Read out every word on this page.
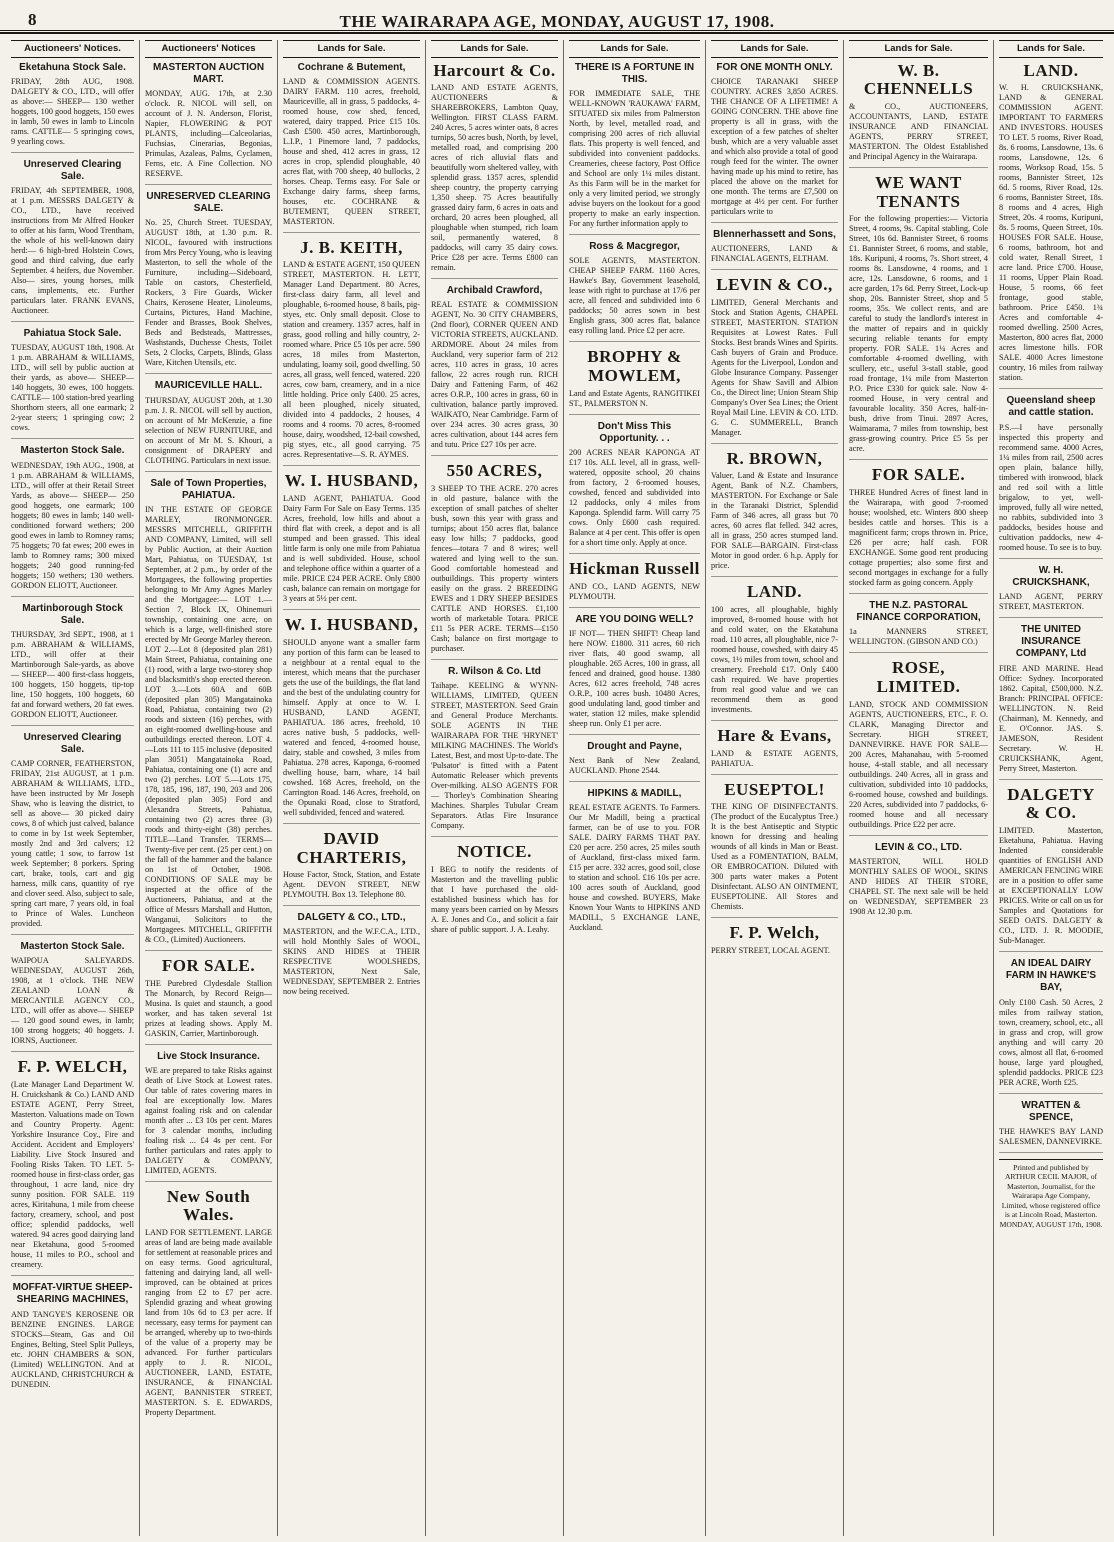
8	THE WAIRARAPA AGE, MONDAY, AUGUST 17, 1908.
Auctioneers' Notices.
Eketahuna Stock Sale.
FRIDAY, 28th AUG, 1908. DALGETY & CO., LTD., will offer as above:— SHEEP— 130 wether hoggets, 100 good hoggets, 150 ewes in lamb, 50 ewes in lamb to Lincoln rams. CATTLE— 5 springing cows, 9 yearling cows.
Unreserved Clearing Sale.
FRIDAY, 4th SEPTEMBER, 1908, at 1 p.m. MESSRS DALGETY & CO., LTD., have received instructions from Mr Alfred Hooker to offer at his farm, Wood Trentham, the whole of his well-known dairy herd:— 6 high-bred Holstein Cows, good and third calving, due early September. 4 heifers, due November. Also— sires, young horses, milk cans, implements, etc. Further particulars later. FRANK EVANS, Auctioneer.
Pahiatua Stock Sale.
TUESDAY, AUGUST 18th, 1908. At 1 p.m. ABRAHAM & WILLIAMS, LTD., will sell by public auction at their yards, as above— SHEEP— 140 hoggets, 30 ewes, 100 hoggets. CATTLE— 100 station-bred yearling Shorthorn steers, all one earmark; 2 2-year steers; 1 springing cow; 2 cows.
Masterton Stock Sale.
WEDNESDAY, 19th AUG., 1908, at 1 p.m. ABRAHAM & WILLIAMS, LTD., will offer at their Retail Street Yards, as above— SHEEP— 250 good hoggets, one earmark; 100 hoggets; 80 ewes in lamb; 140 well-conditioned forward wethers; 200 good ewes in lamb to Romney rams; 75 hoggets; 70 fat ewes; 200 ewes in lamb to Romney rams; 300 mixed hoggets; 240 good running-fed hoggets; 150 wethers; 130 wethers. GORDON ELIOTT, Auctioneer.
Martinborough Stock Sale.
THURSDAY, 3rd SEPT., 1908, at 1 p.m. ABRAHAM & WILLIAMS, LTD., will offer at their Martinborough Sale-yards, as above— SHEEP— 400 first-class hoggets, 100 hoggets, 150 hoggets, tip-top line, 150 hoggets, 100 hoggets, 60 fat and forward wethers, 20 fat ewes. GORDON ELIOTT, Auctioneer.
Unreserved Clearing Sale.
CAMP CORNER, FEATHERSTON, FRIDAY, 21st AUGUST, at 1 p.m. ABRAHAM & WILLIAMS, LTD., have been instructed by Mr Joseph Shaw, who is leaving the district, to sell as above— 30 picked dairy cows, 8 of which just calved, balance to come in by 1st week September, mostly 2nd and 3rd calvers; 12 young cattle; 1 sow, to farrow 1st week September; 8 porkers. Spring cart, brake, tools, cart and gig harness, milk cans, quantity of rye and clover seed. Also, subject to sale, spring cart mare, 7 years old, in foal to Prince of Wales. Luncheon provided.
Masterton Stock Sale.
WAIPOUA SALEYARDS. WEDNESDAY, AUGUST 26th, 1908, at 1 o'clock. THE NEW ZEALAND LOAN & MERCANTILE AGENCY CO., LTD., will offer as above— SHEEP— 120 good sound ewes, in lamb; 100 strong hoggets; 40 hoggets. J. IORNS, Auctioneer.
F. P. WELCH,
(Late Manager Land Department W. H. Cruickshank & Co.) LAND AND ESTATE AGENT, Perry Street, Masterton. Valuations made on Town and Country Property. Agent: Yorkshire Insurance Coy., Fire and Accident. Accident and Employers' Liability. Live Stock Insured and Fooling Risks Taken. TO LET. 5-roomed house in first-class order, gas throughout, 1 acre land, nice dry sunny position. FOR SALE. 119 acres, Kiritahuna, 1 mile from cheese factory, creamery, school, and post office; splendid paddocks, well watered. 94 acres good dairying land near Eketahuna, good 5-roomed house, 11 miles to P.O., school and creamery.
MOFFAT-VIRTUE SHEEP-SHEARING MACHINES,
AND TANGYE'S KEROSENE OR BENZINE ENGINES. LARGE STOCKS—Steam, Gas and Oil Engines, Belting, Steel Split Pulleys, etc. JOHN CHAMBERS & SON, (Limited) WELLINGTON. And at AUCKLAND, CHRISTCHURCH & DUNEDIN.
Auctioneers' Notices
MASTERTON AUCTION MART.
MONDAY, AUG. 17th, at 2.30 o'clock. R. NICOL will sell, on account of J. N. Anderson, Florist, Napier, FLOWERING & POT PLANTS, including—Calceolarias, Fuchsias, Cinerarias, Begonias, Primulas, Azaleas, Palms, Cyclamen, Ferns, etc. A Fine Collection. NO RESERVE.
UNRESERVED CLEARING SALE.
No. 25, Church Street. TUESDAY, AUGUST 18th, at 1.30 p.m. R. NICOL, favoured with instructions from Mrs Percy Young, who is leaving Masterton, to sell the whole of the Furniture, including—Sideboard, Table on castors, Chesterfield, Rockers, 3 Fire Guards, Wicker Chairs, Kerosene Heater, Linoleums, Curtains, Pictures, Hand Machine, Fender and Brasses, Book Shelves, Beds and Bedsteads, Mattresses, Washstands, Duchesse Chests, Toilet Sets, 2 Clocks, Carpets, Blinds, Glass Ware, Kitchen Utensils, etc.
MAURICEVILLE HALL.
THURSDAY, AUGUST 20th, at 1.30 p.m. J. R. NICOL will sell by auction, on account of Mr McKenzie, a fine selection of NEW FURNITURE, and on account of Mr M. S. Khouri, a consignment of DRAPERY and CLOTHING. Particulars in next issue.
Sale of Town Properties, PAHIATUA.
IN THE ESTATE OF GEORGE MARLEY, IRONMONGER. MESSRS MITCHELL, GRIFFITH AND COMPANY, Limited, will sell by Public Auction, at their Auction Mart, Pahiatua, on TUESDAY, 1st September, at 2 p.m., by order of the Mortgagees, the following properties belonging to Mr Amy Agnes Marley and the Mortgagee:— LOT 1.—Section 7, Block IX, Ohinemuri township, containing one acre, on which is a large, well-finished store erected by Mr George Marley thereon. LOT 2.—Lot 8 (deposited plan 281) Main Street, Pahiatua, containing one (1) rood, with a large two-storey shop and blacksmith's shop erected thereon. LOT 3.—Lots 60A and 60B (deposited plan 305) Mangatainoka Road, Pahiatua, containing two (2) roods and sixteen (16) perches, with an eight-roomed dwelling-house and outbuildings erected thereon. LOT 4.—Lots 111 to 115 inclusive (deposited plan 3051) Mangatainoka Road, Pahiatua, containing one (1) acre and two (2) perches. LOT 5.—Lots 175, 178, 185, 196, 187, 190, 203 and 206 (deposited plan 305) Ford and Alexandra Streets, Pahiatua, containing two (2) acres three (3) roods and thirty-eight (38) perches. TITLE—Land Transfer. TERMS— Twenty-five per cent. (25 per cent.) on the fall of the hammer and the balance on 1st of October, 1908. CONDITIONS OF SALE may be inspected at the office of the Auctioneers, Pahiatua, and at the office of Messrs Marshall and Hutton, Wanganui, Solicitors to the Mortgagees. MITCHELL, GRIFFITH & CO., (Limited) Auctioneers.
FOR SALE.
THE Purebred Clydesdale Stallion The Monarch, by Record Reign—Musina. Is quiet and staunch, a good worker, and has taken several 1st prizes at leading shows. Apply M. GASKIN, Carrier, Martinborough.
Live Stock Insurance.
WE are prepared to take Risks against death of Live Stock at Lowest rates. Our table of rates covering mares in foal are exceptionally low. Mares against foaling risk and on calendar month after ... £3 10s per cent. Mares for 3 calendar months, including foaling risk ... £4 4s per cent. For further particulars and rates apply to DALGETY & COMPANY, LIMITED, AGENTS.
New South Wales.
LAND FOR SETTLEMENT. LARGE areas of land are being made available for settlement at reasonable prices and on easy terms. Good agricultural, fattening and dairying land, all well-improved, can be obtained at prices ranging from £2 to £7 per acre. Splendid grazing and wheat growing land from 10s 6d to £3 per acre. If necessary, easy terms for payment can be arranged, whereby up to two-thirds of the value of a property may be advanced. For further particulars apply to J. R. NICOL, AUCTIONEER, LAND, ESTATE, INSURANCE, & FINANCIAL AGENT, BANNISTER STREET, MASTERTON. S. E. EDWARDS, Property Department.
Lands for Sale.
Cochrane & Butement,
LAND & COMMISSION AGENTS. DAIRY FARM. 110 acres, freehold, Mauriceville, all in grass, 5 paddocks, 4-roomed house, cow shed, fenced, watered, dairy trapped. Price £15 10s. Cash £500. 450 acres, Martinborough, L.I.P., 1 Pinemore land, 7 paddocks, house and shed, 412 acres in grass, 12 acres in crop, splendid ploughable, 40 acres flat, with 700 sheep, 40 bullocks, 2 horses. Cheap. Terms easy. For Sale or Exchange dairy farms, sheep farms, houses, etc. COCHRANE & BUTEMENT, QUEEN STREET, MASTERTON.
J. B. KEITH,
LAND & ESTATE AGENT, 150 QUEEN STREET, MASTERTON. H. LETT, Manager Land Department. 80 Acres, first-class dairy farm, all level and ploughable, 6-roomed house, 8 bails, pig-styes, etc. Only small deposit. Close to station and creamery. 1357 acres, half in grass, good rolling and hilly country, 2-roomed whare. Price £5 10s per acre. 590 acres, 18 miles from Masterton, undulating, loamy soil, good dwelling. 50 acres, all grass, well fenced, watered. 220 acres, cow barn, creamery, and in a nice little holding. Price only £400. 25 acres, all been ploughed, nicely situated, divided into 4 paddocks, 2 houses, 4 rooms and 4 rooms. 70 acres, 8-roomed house, dairy, woodshed, 12-bail cowshed, pig styes, etc., all good carrying. 75 acres. Representative—S. R. AYMES.
W. I. HUSBAND,
LAND AGENT, PAHIATUA. Good Dairy Farm For Sale on Easy Terms. 135 Acres, freehold, low hills and about a third flat with creek, a depot and is all stumped and been grassed. This ideal little farm is only one mile from Pahiatua and is well subdivided. House, school and telephone office within a quarter of a mile. PRICE £24 PER ACRE. Only £800 cash, balance can remain on mortgage for 3 years at 5½ per cent.
W. I. HUSBAND,
SHOULD anyone want a smaller farm any portion of this farm can be leased to a neighbour at a rental equal to the interest, which means that the purchaser gets the use of the buildings, the flat land and the best of the undulating country for himself. Apply at once to W. I. HUSBAND, LAND AGENT, PAHIATUA. 186 acres, freehold, 10 acres native bush, 5 paddocks, well-watered and fenced, 4-roomed house, dairy, stable and cowshed, 3 miles from Pahiatua. 278 acres, Kaponga, 6-roomed dwelling house, barn, whare, 14 bail cowshed. 168 Acres, freehold, on the Carrington Road. 146 Acres, freehold, on the Opunaki Road, close to Stratford, well subdivided, fenced and watered.
DAVID CHARTERIS,
House Factor, Stock, Station, and Estate Agent. DEVON STREET, NEW PLYMOUTH. Box 13. Telephone 80.
DALGETY & CO., LTD.,
MASTERTON, and the W.F.C.A., LTD., will hold Monthly Sales of WOOL, SKINS AND HIDES at THEIR RESPECTIVE WOOLSHEDS, MASTERTON, Next Sale, WEDNESDAY, SEPTEMBER 2. Entries now being received.
Lands for Sale.
Harcourt & Co.
LAND AND ESTATE AGENTS, AUCTIONEERS & SHAREBROKERS, Lambton Quay, Wellington. FIRST CLASS FARM. 240 Acres, 5 acres winter oats, 8 acres turnips, 50 acres bush, North, by level, metalled road, and comprising 200 acres of rich alluvial flats and beautifully worn sheltered valley, with splendid grass. 1357 acres, splendid sheep country, the property carrying 1,350 sheep. 75 Acres beautifully grassed dairy farm, 6 acres in oats and orchard, 20 acres been ploughed, all ploughable when stumped, rich loam soil, permanently watered, 8 paddocks, will carry 35 dairy cows. Price £28 per acre. Terms £800 can remain.
Archibald Crawford,
REAL ESTATE & COMMISSION AGENT, No. 30 CITY CHAMBERS, (2nd floor), CORNER QUEEN AND VICTORIA STREETS, AUCKLAND. ARDMORE. About 24 miles from Auckland, very superior farm of 212 acres, 110 acres in grass, 10 acres fallow, 22 acres rough run. RICH Dairy and Fattening Farm, of 462 acres O.R.P., 100 acres in grass, 60 in cultivation, balance partly improved. WAIKATO, Near Cambridge. Farm of over 234 acres. 30 acres grass, 30 acres cultivation, about 144 acres fern and tutu. Price £27 10s per acre.
550 ACRES,
3 SHEEP TO THE ACRE. 270 acres in old pasture, balance with the exception of small patches of shelter bush, sown this year with grass and turnips; about 150 acres flat, balance easy low hills; 7 paddocks, good fences—totara 7 and 8 wires; well watered and lying well to the sun. Good comfortable homestead and outbuildings. This property winters easily on the grass. 2 BREEDING EWES and 1 DRY SHEEP BESIDES CATTLE AND HORSES. £1,100 worth of marketable Totara. PRICE £11 5s PER ACRE. TERMS—£150 Cash; balance on first mortgage to purchaser.
R. Wilson & Co. Ltd
Taihape. KEELING & WYNN-WILLIAMS, LIMITED, QUEEN STREET, MASTERTON. Seed Grain and General Produce Merchants. SOLE AGENTS IN THE WAIRARAPA FOR THE 'HRYNET' MILKING MACHINES. The World's Latest, Best, and most Up-to-date. The 'Pulsator' is fitted with a Patent Automatic Releaser which prevents Over-milking. ALSO AGENTS FOR— Thorley's Combination Shearing Machines. Sharples Tubular Cream Separators. Atlas Fire Insurance Company.
NOTICE.
I BEG to notify the residents of Masterton and the travelling public that I have purchased the old-established business which has for many years been carried on by Messrs A. E. Jones and Co., and solicit a fair share of public support. J. A. Leahy.
Lands for Sale.
THERE IS A FORTUNE IN THIS.
FOR IMMEDIATE SALE, THE WELL-KNOWN 'RAUKAWA' FARM, SITUATED six miles from Palmerston North, by level, metalled road, and comprising 200 acres of rich alluvial flats. This property is well fenced, and subdivided into convenient paddocks. Creameries, cheese factory, Post Office and School are only 1¼ miles distant. As this Farm will be in the market for only a very limited period, we strongly advise buyers on the lookout for a good property to make an early inspection. For any further information apply to
Ross & Macgregor,
SOLE AGENTS, MASTERTON. CHEAP SHEEP FARM. 1160 Acres, Hawke's Bay, Government leasehold, lease with right to purchase at 17/6 per acre, all fenced and subdivided into 6 paddocks; 50 acres sown in best English grass, 300 acres flat, balance easy rolling land. Price £2 per acre.
BROPHY & MOWLEM,
Land and Estate Agents, RANGITIKEI ST., PALMERSTON N.
Don't Miss This Opportunity. . .
200 ACRES NEAR KAPONGA AT £17 10s. ALL level, all in grass, well-watered, opposite school, 20 chains from factory, 2 6-roomed houses, cowshed, fenced and subdivided into 12 paddocks, only 4 miles from Kaponga. Splendid farm. Will carry 75 cows. Only £600 cash required. Balance at 4 per cent. This offer is open for a short time only. Apply at once.
Hickman Russell
AND CO., LAND AGENTS, NEW PLYMOUTH.
ARE YOU DOING WELL?
IF NOT— THEN SHIFT! Cheap land here NOW. £1800. 311 acres, 60 rich river flats, 40 good swamp, all ploughable. 265 Acres, 100 in grass, all fenced and drained, good house. 1380 Acres, 612 acres freehold, 748 acres O.R.P., 100 acres bush. 10480 Acres, good undulating land, good timber and water, station 12 miles, make splendid sheep run. Only £1 per acre.
Drought and Payne,
Next Bank of New Zealand, AUCKLAND. Phone 2544.
HIPKINS & MADILL,
REAL ESTATE AGENTS. To Farmers. Our Mr Madill, being a practical farmer, can be of use to you. FOR SALE. DAIRY FARMS THAT PAY. £20 per acre. 250 acres, 25 miles south of Auckland, first-class mixed farm. £15 per acre. 332 acres, good soil, close to station and school. £16 10s per acre. 100 acres south of Auckland, good house and cowshed. BUYERS, Make Known Your Wants to HIPKINS AND MADILL, 5 EXCHANGE LANE, Auckland.
Lands for Sale.
FOR ONE MONTH ONLY.
CHOICE TARANAKI SHEEP COUNTRY. ACRES 3,850 ACRES. THE CHANCE OF A LIFETIME! A GOING CONCERN. THE above fine property is all in grass, with the exception of a few patches of shelter bush, which are a very valuable asset and which also provide a total of good rough feed for the winter. The owner having made up his mind to retire, has placed the above on the market for one month. The terms are £7,500 on mortgage at 4½ per cent. For further particulars write to
Blennerhassett and Sons,
AUCTIONEERS, LAND & FINANCIAL AGENTS, ELTHAM.
LEVIN & CO.,
LIMITED, General Merchants and Stock and Station Agents, CHAPEL STREET, MASTERTON. STATION Requisites at Lowest Rates. Full Stocks. Best brands Wines and Spirits. Cash buyers of Grain and Produce. Agents for the Liverpool, London and Globe Insurance Company. Passenger Agents for Shaw Savill and Albion Co., the Direct line; Union Steam Ship Company's Over Sea Lines; the Orient Royal Mail Line. LEVIN & CO. LTD. G. C. SUMMERELL, Branch Manager.
R. BROWN,
Valuer, Land & Estate and Insurance Agent, Bank of N.Z. Chambers, MASTERTON. For Exchange or Sale in the Taranaki District, Splendid Farm of 346 acres, all grass but 70 acres, 60 acres flat felled. 342 acres, all in grass, 250 acres stumped land. FOR SALE—BARGAIN. First-class Motor in good order. 6 h.p. Apply for price.
LAND.
100 acres, all ploughable, highly improved, 8-roomed house with hot and cold water, on the Ekatahuna road. 110 acres, all ploughable, nice 7-roomed house, cowshed, with dairy 45 cows, 1½ miles from town, school and creamery. Freehold £17. Only £400 cash required. We have properties from real good value and we can recommend them as good investments.
Hare & Evans,
LAND & ESTATE AGENTS, PAHIATUA.
EUSEPTOL!
THE KING OF DISINFECTANTS. (The product of the Eucalyptus Tree.) It is the best Antiseptic and Styptic known for dressing and healing wounds of all kinds in Man or Beast. Used as a FOMENTATION, BALM, OR EMBROCATION. Diluted with 300 parts water makes a Potent Disinfectant. ALSO AN OINTMENT, EUSEPTOLINE. All Stores and Chemists.
F. P. Welch,
PERRY STREET, LOCAL AGENT.
Lands for Sale.
W. B. CHENNELLS
& CO., AUCTIONEERS, ACCOUNTANTS, LAND, ESTATE INSURANCE AND FINANCIAL AGENTS, PERRY STREET, MASTERTON. The Oldest Established and Principal Agency in the Wairarapa.
WE WANT TENANTS
For the following properties:— Victoria Street, 4 rooms, 9s. Capital stabling, Cole Street, 10s 6d. Bannister Street, 6 rooms £1. Bannister Street, 6 rooms, and stable, 18s. Kuripuni, 4 rooms, 7s. Short street, 4 rooms 8s. Lansdowne, 4 rooms, and 1 acre, 12s. Lansdowne, 6 rooms, and 1 acre garden, 17s 6d. Perry Street, Lock-up shop, 20s. Bannister Street, shop and 5 rooms, 35s. We collect rents, and are careful to study the landlord's interest in the matter of repairs and in quickly securing reliable tenants for empty property. FOR SALE. 1¼ Acres and comfortable 4-roomed dwelling, with scullery, etc., useful 3-stall stable, good road frontage, 1¼ mile from Masterton P.O. Price £330 for quick sale. Now 4-roomed House, in very central and favourable locality. 350 Acres, half-in-bush, drive from Tinui. 2897 Acres, Waimarama, 7 miles from township, best grass-growing country. Price £5 5s per acre.
FOR SALE.
THREE Hundred Acres of finest land in the Wairarapa, with good 7-roomed house; woolshed, etc. Winters 800 sheep besides cattle and horses. This is a magnificent farm; crops thrown in. Price, £26 per acre; half cash. FOR EXCHANGE. Some good rent producing cottage properties; also some first and second mortgages in exchange for a fully stocked farm as going concern. Apply
THE N.Z. PASTORAL FINANCE CORPORATION,
1a MANNERS STREET, WELLINGTON. (GIBSON AND CO.)
ROSE, LIMITED.
LAND, STOCK AND COMMISSION AGENTS, AUCTIONEERS, ETC., F. O. CLARK, Managing Director and Secretary. HIGH STREET, DANNEVIRKE. HAVE FOR SALE— 200 Acres, Mahanahau, with 5-roomed house, 4-stall stable, and all necessary outbuildings. 240 Acres, all in grass and cultivation, subdivided into 10 paddocks, 6-roomed house, cowshed and buildings. 220 Acres, subdivided into 7 paddocks, 6-roomed house and all necessary outbuildings. Price £22 per acre.
LEVIN & CO., LTD.
MASTERTON, WILL HOLD MONTHLY SALES OF WOOL, SKINS AND HIDES AT THEIR STORE, CHAPEL ST. The next sale will be held on WEDNESDAY, SEPTEMBER 23 1908 At 12.30 p.m.
Lands for Sale.
LAND.
W. H. CRUICKSHANK, LAND & GENERAL COMMISSION AGENT. IMPORTANT TO FARMERS AND INVESTORS. HOUSES TO LET. 5 rooms, River Road, 8s. 6 rooms, Lansdowne, 13s. 6 rooms, Lansdowne, 12s. 6 rooms, Worksop Road, 15s. 5 rooms, Bannister Street, 12s 6d. 5 rooms, River Road, 12s. 6 rooms, Bannister Street, 18s. 8 rooms and 4 acres, High Street, 20s. 4 rooms, Kuripuni, 8s. 5 rooms, Queen Street, 10s. HOUSES FOR SALE. House, 6 rooms, bathroom, hot and cold water, Renall Street, 1 acre land. Price £700. House, 11 rooms, Upper Plain Road. House, 5 rooms, 66 feet frontage, good stable, bathroom. Price £450. 1¾ Acres and comfortable 4-roomed dwelling. 2500 Acres, Masterton, 800 acres flat, 2000 acres limestone hills. FOR SALE. 4000 Acres limestone country, 16 miles from railway station.
Queensland sheep and cattle station.
P.S.—I have personally inspected this property and recommend same. 4000 Acres, 1¼ miles from rail, 2500 acres open plain, balance hilly, timbered with ironwood, black and red soil with a little brigalow, to yet, well-improved, fully all wire netted, no rabbits, subdivided into 3 paddocks, besides house and cultivation paddocks, new 4-roomed house. To see is to buy.
W. H. CRUICKSHANK,
LAND AGENT, PERRY STREET, MASTERTON.
THE UNITED INSURANCE COMPANY, Ltd
FIRE AND MARINE. Head Office: Sydney. Incorporated 1862. Capital, £500,000. N.Z. Branch: PRINCIPAL OFFICE: WELLINGTON. N. Reid (Chairman), M. Kennedy, and E. O'Connor. JAS. S. JAMESON, Resident Secretary. W. H. CRUICKSHANK, Agent, Perry Street, Masterton.
DALGETY & CO.
LIMITED. Masterton, Eketahuna, Pahiatua. Having Indented considerable quantities of ENGLISH AND AMERICAN FENCING WIRE are in a position to offer same at EXCEPTIONALLY LOW PRICES. Write or call on us for Samples and Quotations for SEED OATS. DALGETY & CO., LTD. J. R. MOODIE, Sub-Manager.
AN IDEAL DAIRY FARM IN HAWKE'S BAY,
Only £100 Cash. 50 Acres, 2 miles from railway station, town, creamery, school, etc., all in grass and crop, will grow anything and will carry 20 cows, almost all flat, 6-roomed house, large yard ploughed, splendid paddocks. PRICE £23 PER ACRE, Worth £25.
WRATTEN & SPENCE,
THE HAWKE'S BAY LAND SALESMEN, DANNEVIRKE.
Printed and published by ARTHUR CECIL MAJOR, of Masterton, Journalist, for the Wairarapa Age Company, Limited, whose registered office is at Lincoln Road, Masterton. MONDAY, AUGUST 17th, 1908.
